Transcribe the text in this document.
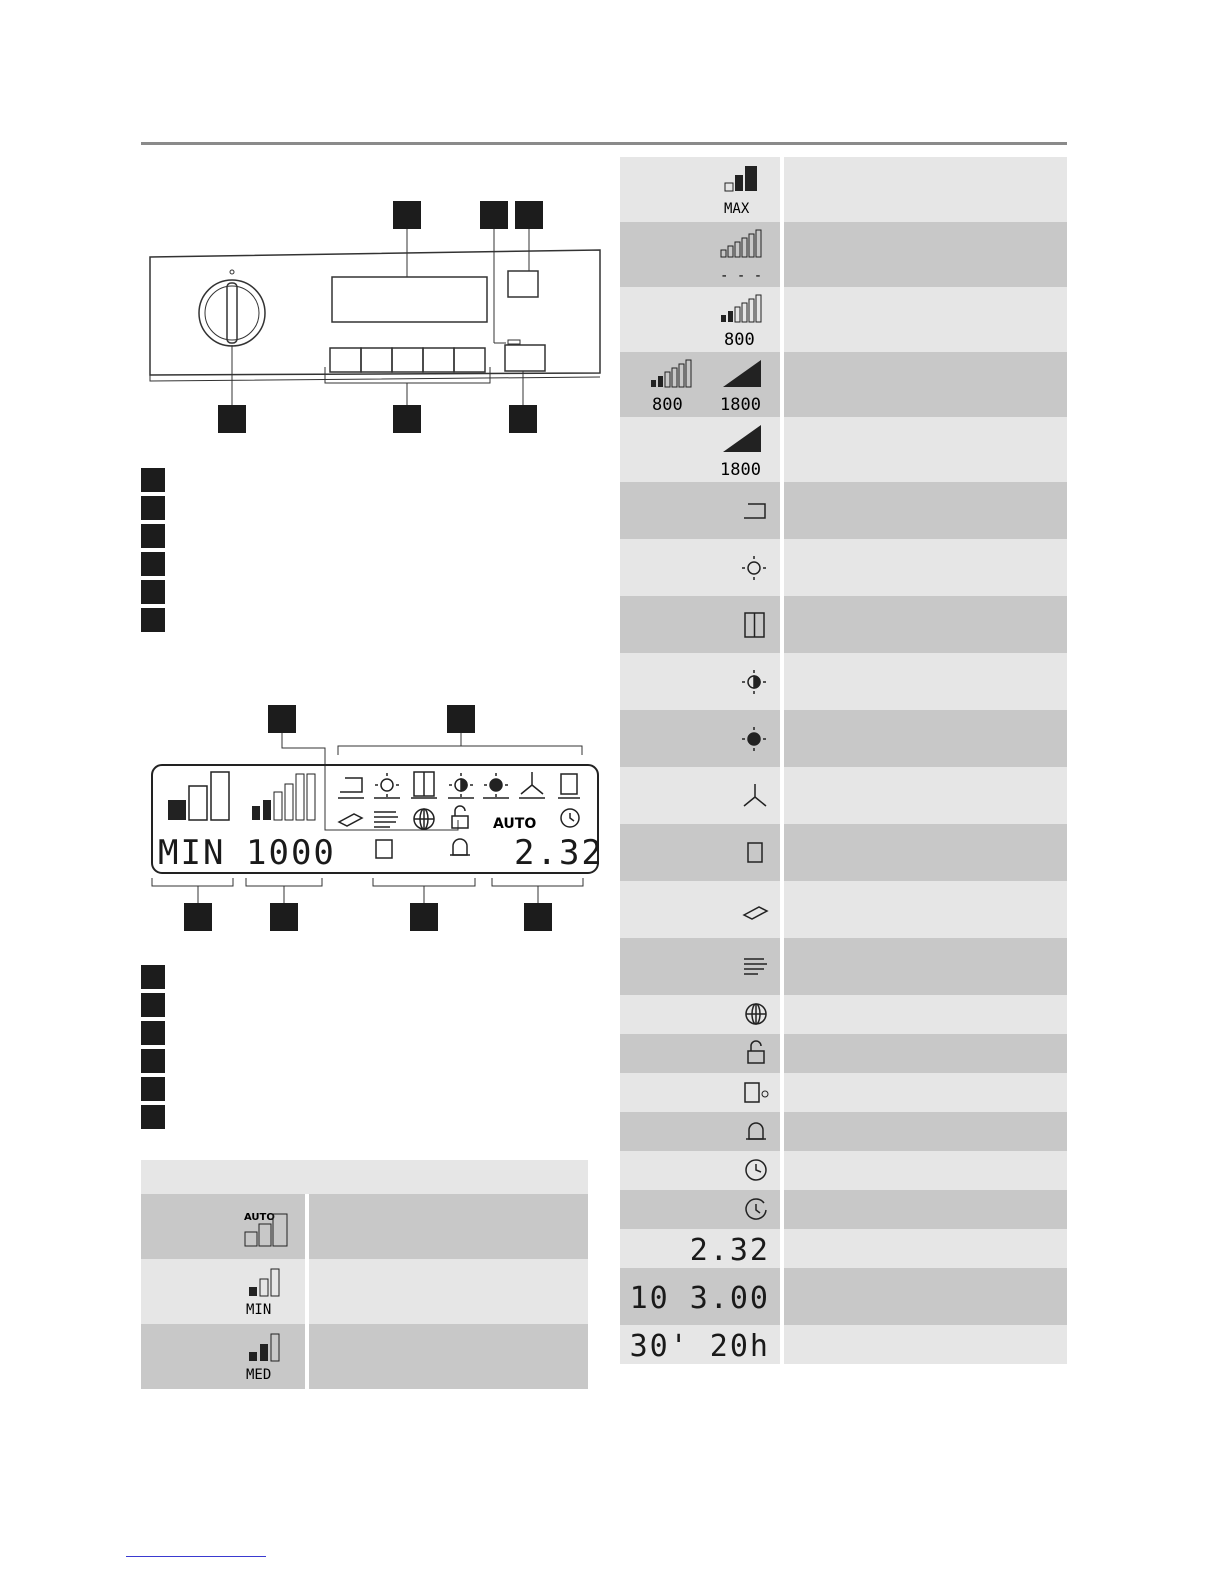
MIN 1000
AUTO
2.32
AUTO
MIN
MED
MAX
- - -
800
800 1800
1800
2.32
10 3.00
30' 20h
